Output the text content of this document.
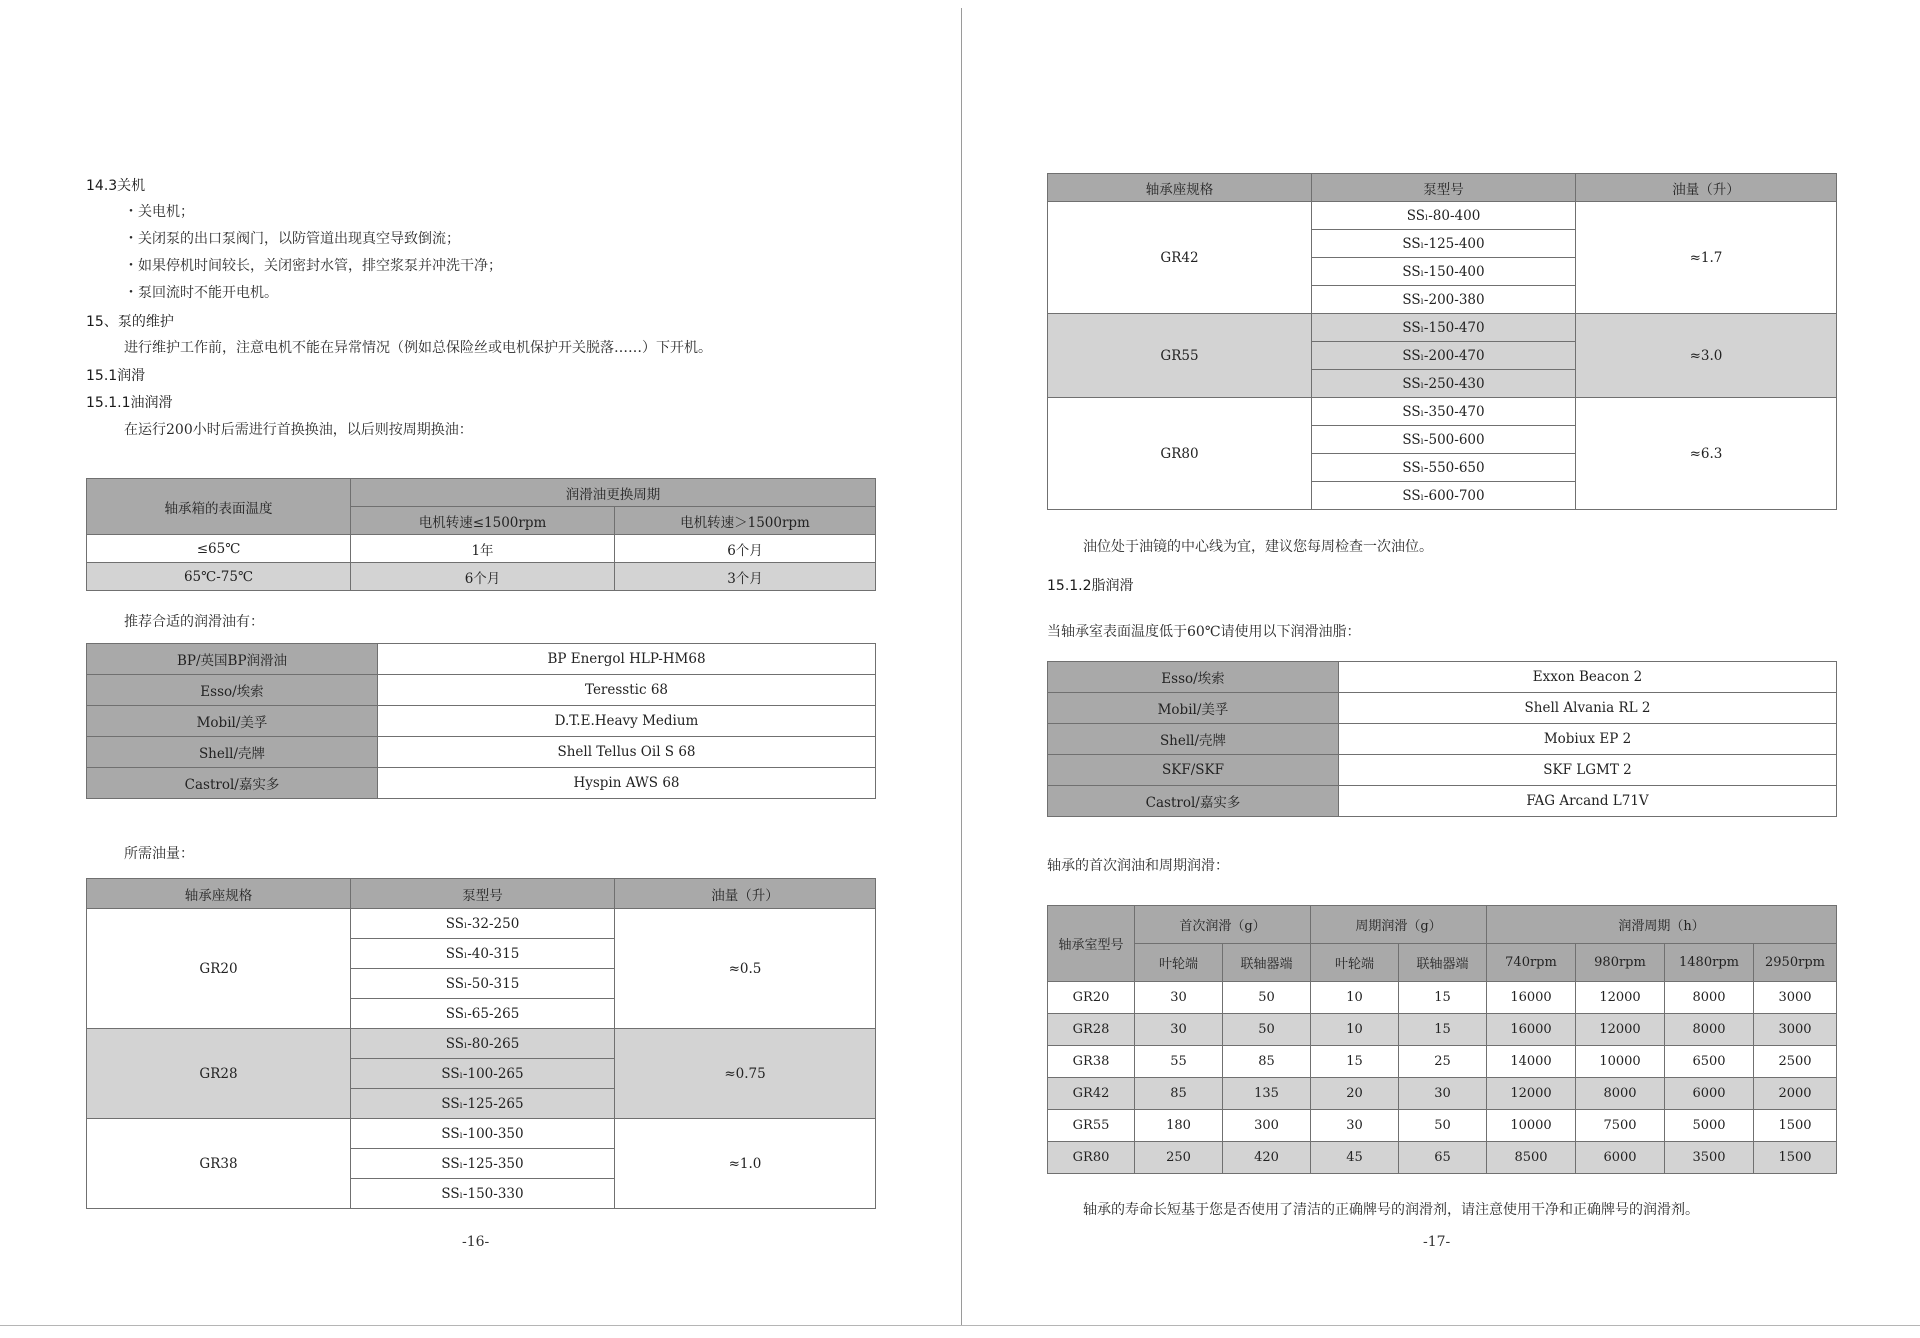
14.3关机
・关电机；
・关闭泵的出口泵阀门，以防管道出现真空导致倒流；
・如果停机时间较长，关闭密封水管，排空浆泵并冲洗干净；
・泵回流时不能开电机。
15、泵的维护
进行维护工作前，注意电机不能在异常情况（例如总保险丝或电机保护开关脱落……）下开机。
15.1润滑
15.1.1油润滑
在运行200小时后需进行首换换油，以后则按周期换油：
轴承箱的表面温度	润滑油更换周期	
	电机转速≤1500rpm	电机转速＞1500rpm
≤65℃	1年	6个月
65℃-75℃	6个月	3个月
推荐合适的润滑油有：
BP/英国BP润滑油	BP Energol HLP-HM68
Esso/埃索	Teresstic 68
Mobil/美孚	D.T.E.Heavy Medium
Shell/壳牌	Shell Tellus Oil S 68
Castrol/嘉实多	Hyspin AWS 68
所需油量：
轴承座规格	泵型号	油量（升）
GR20	SSₗ-32-250	≈0.5
	SSₗ-40-315	
	SSₗ-50-315	
	SSₗ-65-265	
GR28	SSₗ-80-265	≈0.75
	SSₗ-100-265	
	SSₗ-125-265	
GR38	SSₗ-100-350	≈1.0
	SSₗ-125-350	
	SSₗ-150-330	
-16-
轴承座规格	泵型号	油量（升）
GR42	SSₗ-80-400	≈1.7
	SSₗ-125-400	
	SSₗ-150-400	
	SSₗ-200-380	
GR55	SSₗ-150-470	≈3.0
	SSₗ-200-470	
	SSₗ-250-430	
GR80	SSₗ-350-470	≈6.3
	SSₗ-500-600	
	SSₗ-550-650	
	SSₗ-600-700	
油位处于油镜的中心线为宜，建议您每周检查一次油位。
15.1.2脂润滑
当轴承室表面温度低于60℃请使用以下润滑油脂：
Esso/埃索	Exxon Beacon 2
Mobil/美孚	Shell Alvania RL 2
Shell/壳牌	Mobiux EP 2
SKF/SKF	SKF LGMT 2
Castrol/嘉实多	FAG Arcand L71V
轴承的首次润油和周期润滑：
轴承室型号	首次润滑（g）		周期润滑（g）		润滑周期（h）			
	叶轮端	联轴器端	叶轮端	联轴器端	740rpm	980rpm	1480rpm	2950rpm
GR20	30	50	10	15	16000	12000	8000	3000
GR28	30	50	10	15	16000	12000	8000	3000
GR38	55	85	15	25	14000	10000	6500	2500
GR42	85	135	20	30	12000	8000	6000	2000
GR55	180	300	30	50	10000	7500	5000	1500
GR80	250	420	45	65	8500	6000	3500	1500
轴承的寿命长短基于您是否使用了清洁的正确牌号的润滑剂，请注意使用干净和正确牌号的润滑剂。
-17-
